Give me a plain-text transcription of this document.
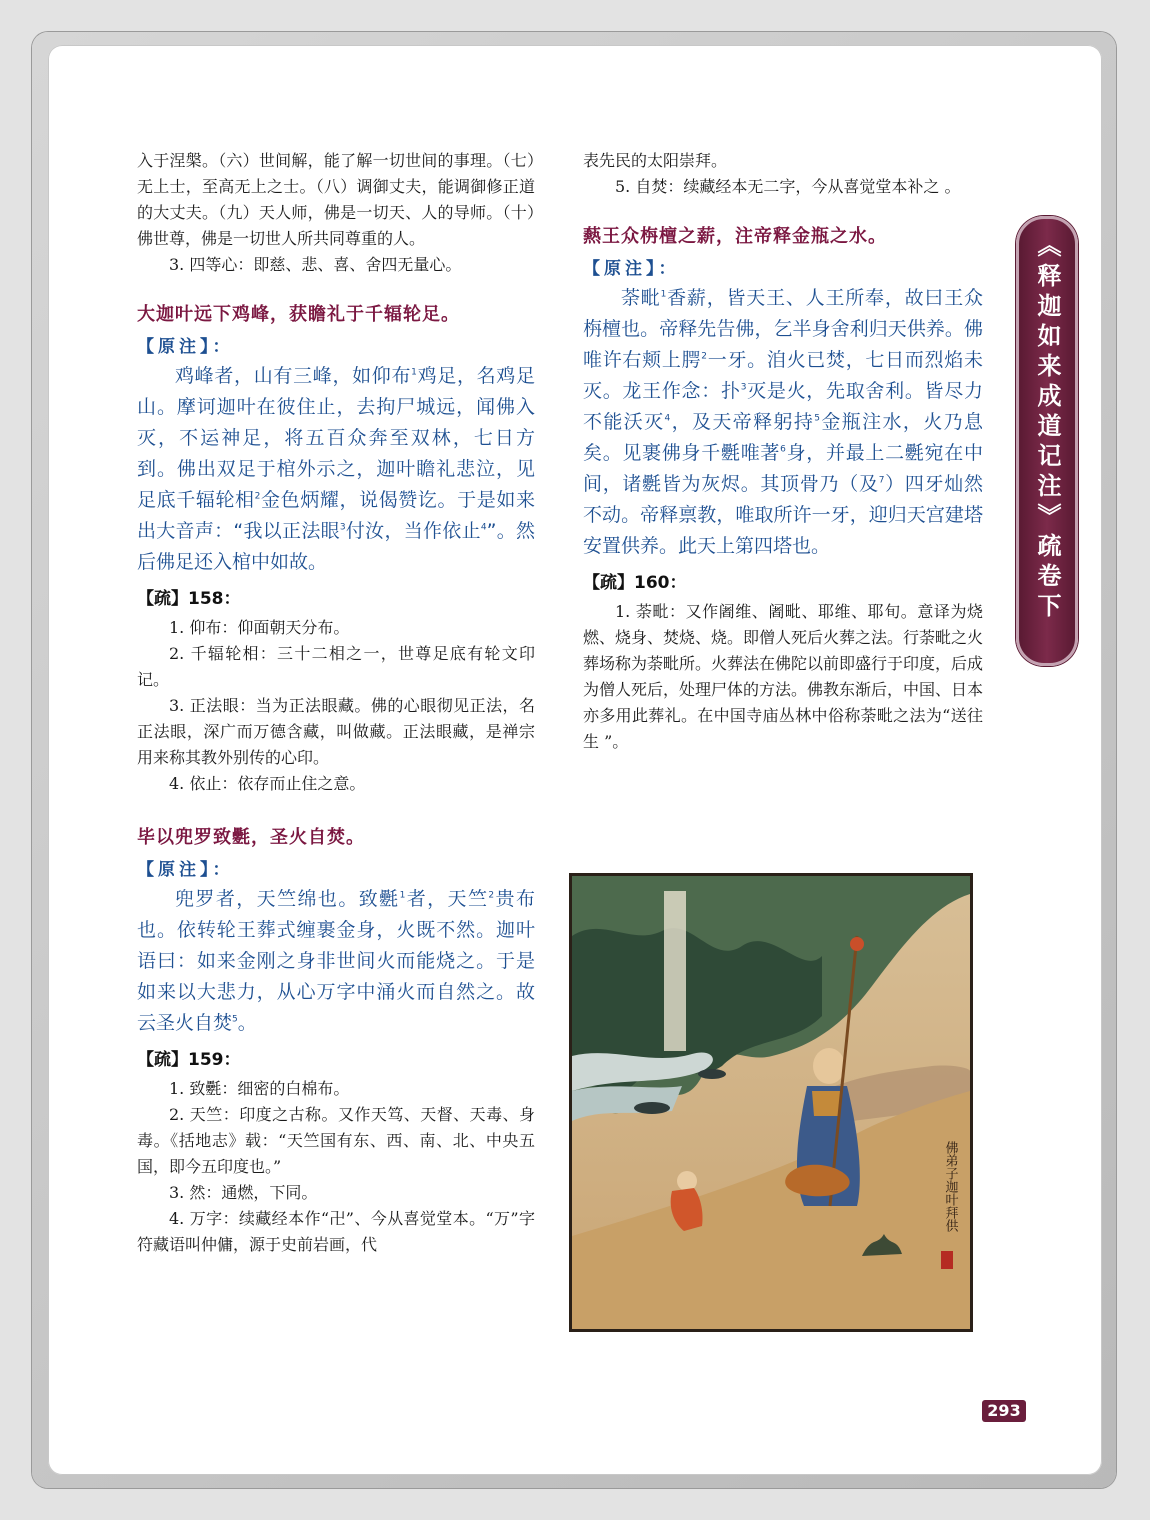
入于涅槃。（六）世间解，能了解一切世间的事理。（七）无上士，至高无上之士。（八）调御丈夫，能调御修正道的大丈夫。（九）天人师，佛是一切天、人的导师。（十）佛世尊，佛是一切世人所共同尊重的人。

3. 四等心：即慈、悲、喜、舍四无量心。

大迦叶远下鸡峰，获瞻礼于千辐轮足。
【原注】：

鸡峰者，山有三峰，如仰布$^1$鸡足，名鸡足山。摩诃迦叶在彼住止，去拘尸城远，闻佛入灭，不运神足，将五百众奔至双林，七日方到。佛出双足于棺外示之，迦叶瞻礼悲泣，见足底千辐轮相$^2$金色炳耀，说偈赞讫。于是如来出大音声：“我以正法眼$^3$付汝，当作依止$^4$”。然后佛足还入棺中如故。

【疏】158：

1. 仰布：仰面朝天分布。

2. 千辐轮相：三十二相之一，世尊足底有轮文印记。

3. 正法眼：当为正法眼藏。佛的心眼彻见正法，名正法眼，深广而万德含藏，叫做藏。正法眼藏，是禅宗用来称其教外别传的心印。

4. 依止：依存而止住之意。

毕以兜罗致氎，圣火自焚。
【原注】：

兜罗者，天竺绵也。致氎$^1$者，天竺$^2$贵布也。依转轮王葬式缠裹金身，火既不然。迦叶语曰：如来金刚之身非世间火而能烧之。于是如来以大悲力，从心万字中涌火而自然之。故云圣火自焚$^5$。

【疏】159：

1. 致氎：细密的白棉布。

2. 天竺：印度之古称。又作天笃、天督、天毒、身毒。《括地志》载：“天竺国有东、西、南、北、中央五国，即今五印度也。”

3. 然：通燃，下同。

4. 万字：续藏经本作“卍”、今从喜觉堂本。“万”字符藏语叫仲傭，源于史前岩画，代

表先民的太阳崇拜。

5. 自焚：续藏经本无二字，今从喜觉堂本补之 。

爇王众栴檀之薪，注帝释金瓶之水。
【原注】：

荼毗$^1$香薪，皆天王、人王所奉，故曰王众栴檀也。帝释先告佛，乞半身舍利归天供养。佛唯许右颊上腭$^2$一牙。洎火已焚，七日而烈焰未灭。龙王作念：扑$^3$灭是火，先取舍利。皆尽力不能沃灭$^4$，及天帝释躬持$^5$金瓶注水，火乃息矣。见裹佛身千氎唯著$^6$身，并最上二氎宛在中间，诸氎皆为灰烬。其顶骨乃（及$^7$）四牙灿然不动。帝释禀教，唯取所许一牙，迎归天宫建塔安置供养。此天上第四塔也。

【疏】160：

1. 荼毗：又作阇维、阇毗、耶维、耶旬。意译为烧燃、烧身、焚烧、烧。即僧人死后火葬之法。行荼毗之火葬场称为荼毗所。火葬法在佛陀以前即盛行于印度，后成为僧人死后，处理尸体的方法。佛教东渐后，中国、日本亦多用此葬礼。在中国寺庙丛林中俗称荼毗之法为“送往生 ”。

《释迦如来成道记注》疏卷下
佛弟子迦叶拜供
293
